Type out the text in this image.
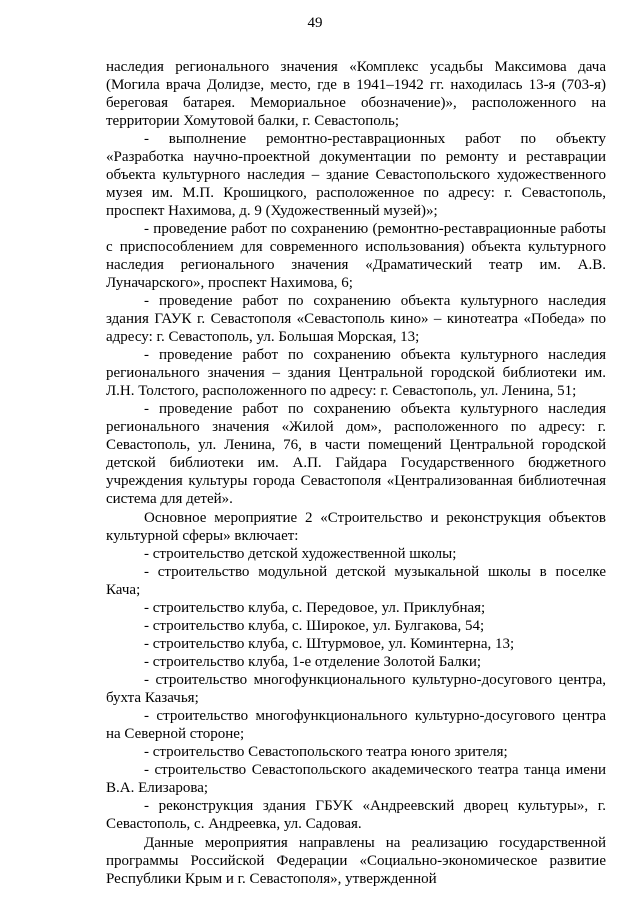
49

наследия регионального значения «Комплекс усадьбы Максимова дача (Могила врача Долидзе, место, где в 1941–1942 гг. находилась 13-я (703-я) береговая батарея. Мемориальное обозначение)», расположенного на территории Хомутовой балки, г. Севастополь;

- выполнение ремонтно-реставрационных работ по объекту «Разработка научно-проектной документации по ремонту и реставрации объекта культурного наследия – здание Севастопольского художественного музея им. М.П. Крошицкого, расположенное по адресу: г. Севастополь, проспект Нахимова, д. 9 (Художественный музей)»;

- проведение работ по сохранению (ремонтно-реставрационные работы с приспособлением для современного использования) объекта культурного наследия регионального значения «Драматический театр им. А.В. Луначарского», проспект Нахимова, 6;

- проведение работ по сохранению объекта культурного наследия здания ГАУК г. Севастополя «Севастополь кино» – кинотеатра «Победа» по адресу: г. Севастополь, ул. Большая Морская, 13;

- проведение работ по сохранению объекта культурного наследия регионального значения – здания Центральной городской библиотеки им. Л.Н. Толстого, расположенного по адресу: г. Севастополь, ул. Ленина, 51;

- проведение работ по сохранению объекта культурного наследия регионального значения «Жилой дом», расположенного по адресу: г. Севастополь, ул. Ленина, 76, в части помещений Центральной городской детской библиотеки им. А.П. Гайдара Государственного бюджетного учреждения культуры города Севастополя «Централизованная библиотечная система для детей».

Основное мероприятие 2 «Строительство и реконструкция объектов культурной сферы» включает:

- строительство детской художественной школы;

- строительство модульной детской музыкальной школы в поселке Кача;

- строительство клуба, с. Передовое, ул. Приклубная;

- строительство клуба, с. Широкое, ул. Булгакова, 54;

- строительство клуба, с. Штурмовое, ул. Коминтерна, 13;

- строительство клуба, 1-е отделение Золотой Балки;

- строительство многофункционального культурно-досугового центра, бухта Казачья;

- строительство многофункционального культурно-досугового центра на Северной стороне;

- строительство Севастопольского театра юного зрителя;

- строительство Севастопольского академического театра танца имени В.А. Елизарова;

- реконструкция здания ГБУК «Андреевский дворец культуры», г. Севастополь, с. Андреевка, ул. Садовая.

Данные мероприятия направлены на реализацию государственной программы Российской Федерации «Социально-экономическое развитие Республики Крым и г. Севастополя», утвержденной
